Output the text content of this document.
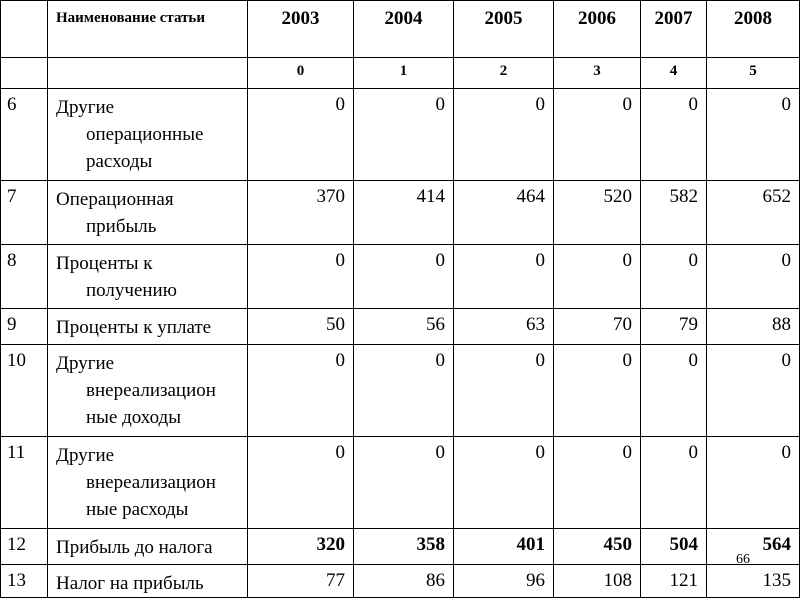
	Наименование статьи	2003	2004	2005	2006	2007	2008
		0	1	2	3	4	5
6	Другие
операционные
расходы	0	0	0	0	0	0
7	Операционная
прибыль	370	414	464	520	582	652
8	Проценты к
получению	0	0	0	0	0	0
9	Проценты к уплате	50	56	63	70	79	88
10	Другие
внереализацион
ные доходы	0	0	0	0	0	0
11	Другие
внереализацион
ные расходы	0	0	0	0	0	0
12	Прибыль до налога	320	358	401	450	504	564
13	Налог на прибыль	77	86	96	108	121	135
66
